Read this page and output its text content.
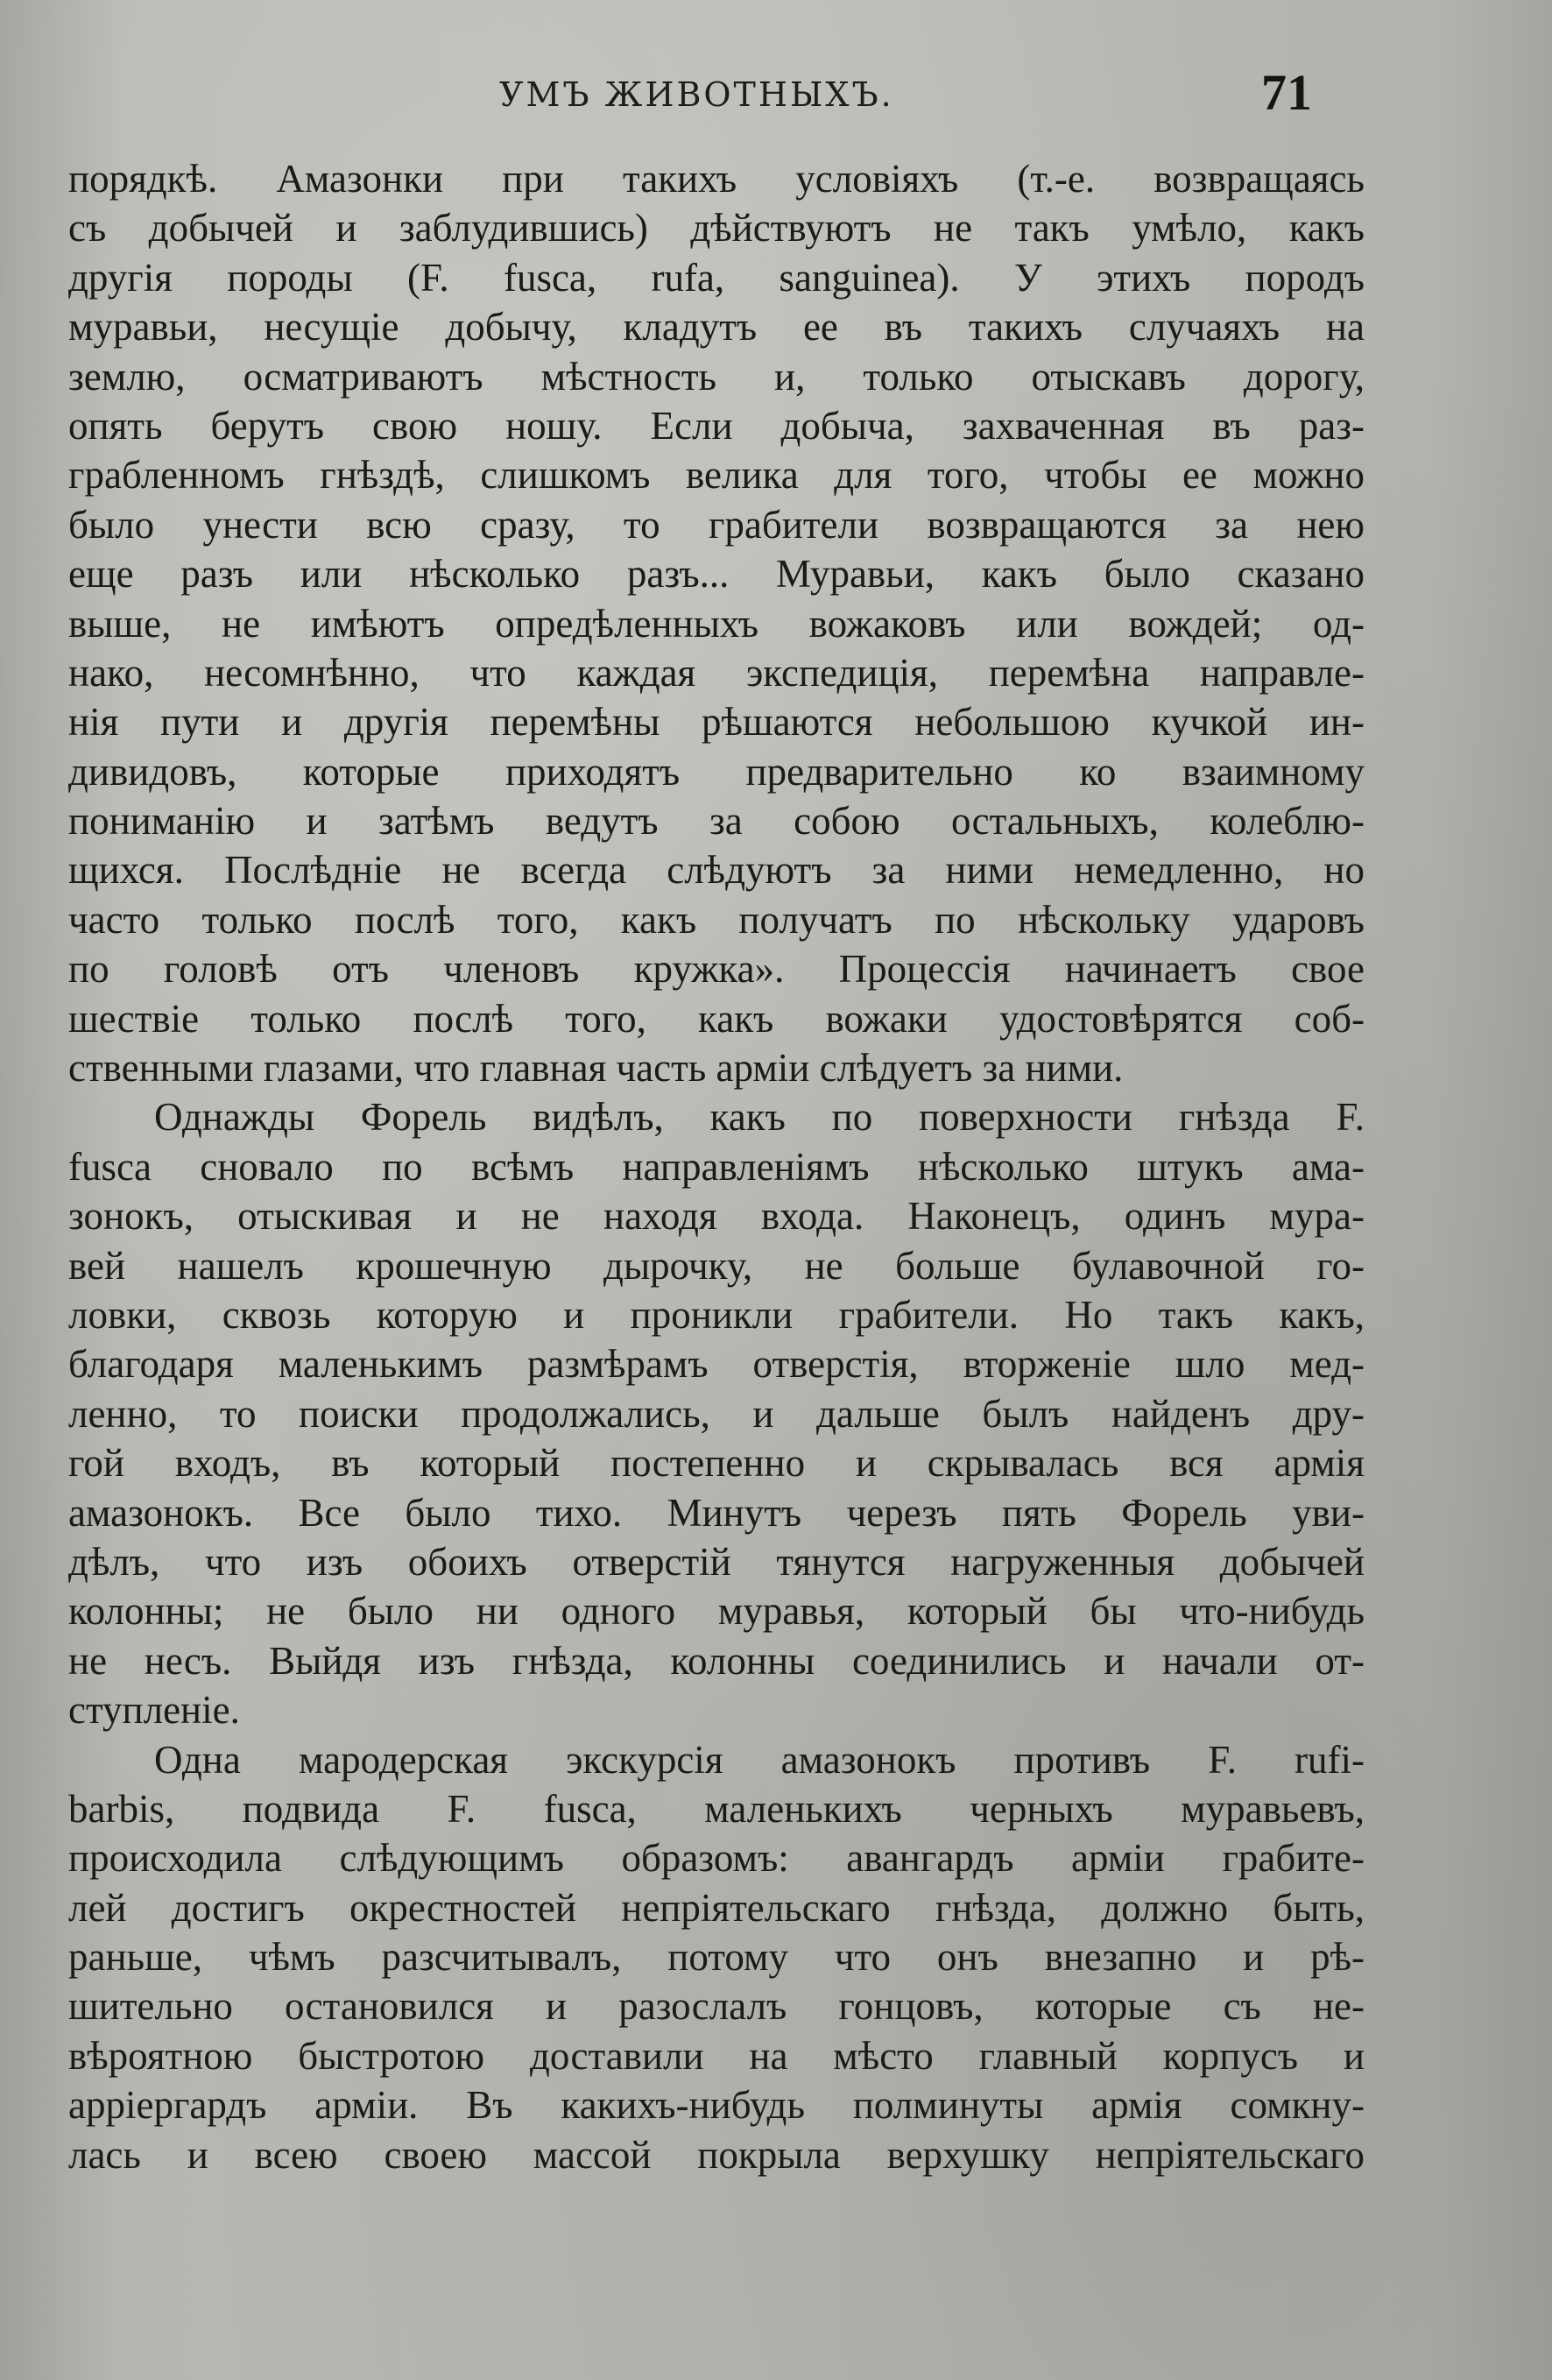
УМЪ ЖИВОТНЫХЪ.	71
порядкѣ. Амазонки при такихъ условіяхъ (т.-е. возвращаясь
съ добычей и заблудившись) дѣйствуютъ не такъ умѣло, какъ
другія породы (F. fusca, rufa, sanguinea). У этихъ породъ
муравьи, несущіе добычу, кладутъ ее въ такихъ случаяхъ на
землю, осматриваютъ мѣстность и, только отыскавъ дорогу,
опять берутъ свою ношу. Если добыча, захваченная въ раз-
грабленномъ гнѣздѣ, слишкомъ велика для того, чтобы ее можно
было унести всю сразу, то грабители возвращаются за нею
еще разъ или нѣсколько разъ... Муравьи, какъ было сказано
выше, не имѣютъ опредѣленныхъ вожаковъ или вождей; од-
нако, несомнѣнно, что каждая экспедиція, перемѣна направле-
нія пути и другія перемѣны рѣшаются небольшою кучкой ин-
дивидовъ, которые приходятъ предварительно ко взаимному
пониманію и затѣмъ ведутъ за собою остальныхъ, колеблю-
щихся. Послѣдніе не всегда слѣдуютъ за ними немедленно, но
часто только послѣ того, какъ получатъ по нѣскольку ударовъ
по головѣ отъ членовъ кружка». Процессія начинаетъ свое
шествіе только послѣ того, какъ вожаки удостовѣрятся соб-
ственными глазами, что главная часть арміи слѣдуетъ за ними.
Однажды Форель видѣлъ, какъ по поверхности гнѣзда F.
fusca сновало по всѣмъ направленіямъ нѣсколько штукъ ама-
зонокъ, отыскивая и не находя входа. Наконецъ, одинъ мура-
вей нашелъ крошечную дырочку, не больше булавочной го-
ловки, сквозь которую и проникли грабители. Но такъ какъ,
благодаря маленькимъ размѣрамъ отверстія, вторженіе шло мед-
ленно, то поиски продолжались, и дальше былъ найденъ дру-
гой входъ, въ который постепенно и скрывалась вся армія
амазонокъ. Все было тихо. Минутъ черезъ пять Форель уви-
дѣлъ, что изъ обоихъ отверстій тянутся нагруженныя добычей
колонны; не было ни одного муравья, который бы что-нибудь
не несъ. Выйдя изъ гнѣзда, колонны соединились и начали от-
ступленіе.
Одна мародерская экскурсія амазонокъ противъ F. rufi-
barbis, подвида F. fusca, маленькихъ черныхъ муравьевъ,
происходила слѣдующимъ образомъ: авангардъ арміи грабите-
лей достигъ окрестностей непріятельскаго гнѣзда, должно быть,
раньше, чѣмъ разсчитывалъ, потому что онъ внезапно и рѣ-
шительно остановился и разослалъ гонцовъ, которые съ не-
вѣроятною быстротою доставили на мѣсто главный корпусъ и
арріергардъ арміи. Въ какихъ-нибудь полминуты армія сомкну-
лась и всею своею массой покрыла верхушку непріятельскаго
